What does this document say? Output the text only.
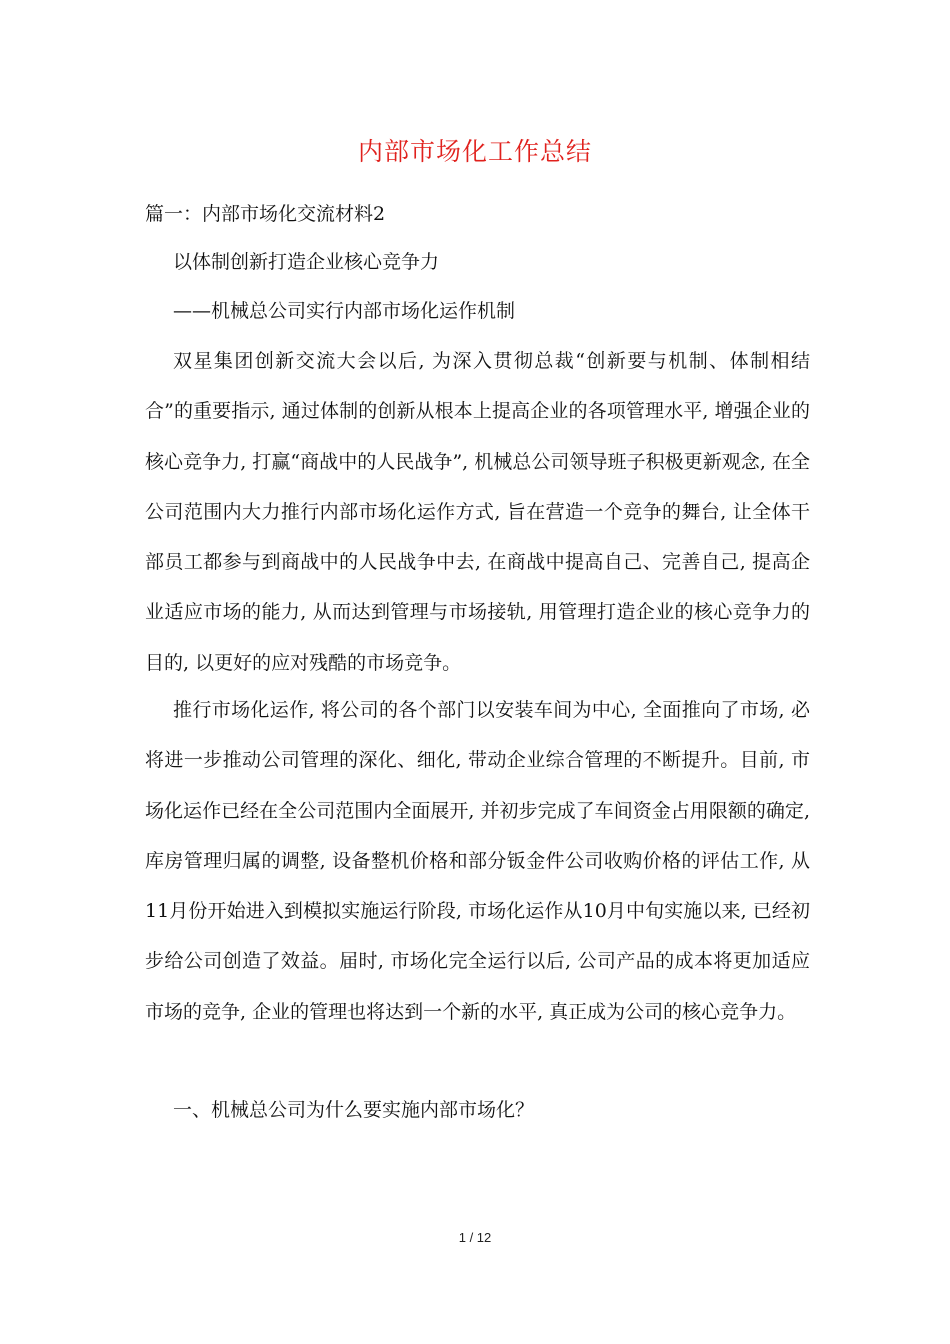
内部市场化工作总结
篇一：内部市场化交流材料2
以体制创新打造企业核心竞争力
——机械总公司实行内部市场化运作机制
双星集团创新交流大会以后, 为深入贯彻总裁“创新要与机制、体制相结合”的重要指示, 通过体制的创新从根本上提高企业的各项管理水平, 增强企业的核心竞争力, 打赢“商战中的人民战争”, 机械总公司领导班子积极更新观念, 在全公司范围内大力推行内部市场化运作方式, 旨在营造一个竞争的舞台, 让全体干部员工都参与到商战中的人民战争中去, 在商战中提高自己、完善自己, 提高企业适应市场的能力, 从而达到管理与市场接轨, 用管理打造企业的核心竞争力的目的, 以更好的应对残酷的市场竞争。
推行市场化运作, 将公司的各个部门以安装车间为中心, 全面推向了市场, 必将进一步推动公司管理的深化、细化, 带动企业综合管理的不断提升。目前, 市场化运作已经在全公司范围内全面展开, 并初步完成了车间资金占用限额的确定, 库房管理归属的调整, 设备整机价格和部分钣金件公司收购价格的评估工作, 从11月份开始进入到模拟实施运行阶段, 市场化运作从10月中旬实施以来, 已经初步给公司创造了效益。届时, 市场化完全运行以后, 公司产品的成本将更加适应市场的竞争, 企业的管理也将达到一个新的水平, 真正成为公司的核心竞争力。
一、机械总公司为什么要实施内部市场化？
1 / 12
